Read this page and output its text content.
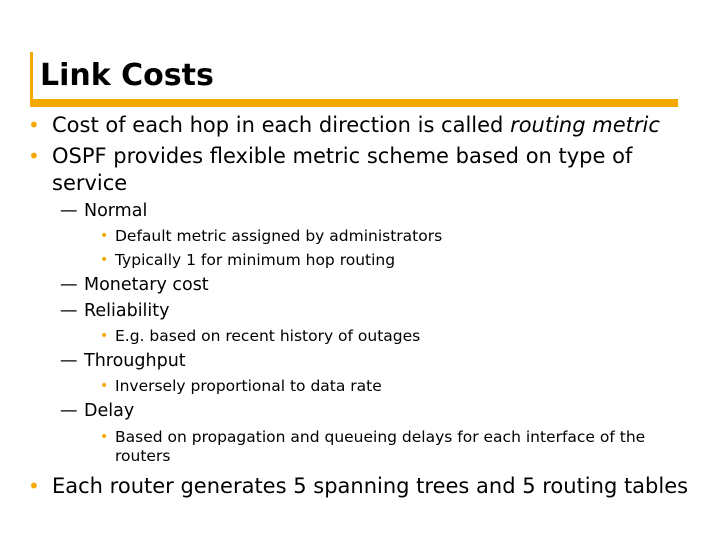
Link Costs
• Cost of each hop in each direction is called routing metric
• OSPF provides flexible metric scheme based on type of
service
— Normal
• Default metric assigned by administrators
• Typically 1 for minimum hop routing
— Monetary cost
— Reliability
• E.g. based on recent history of outages
— Throughput
• Inversely proportional to data rate
— Delay
• Based on propagation and queueing delays for each interface of the
routers
• Each router generates 5 spanning trees and 5 routing tables
